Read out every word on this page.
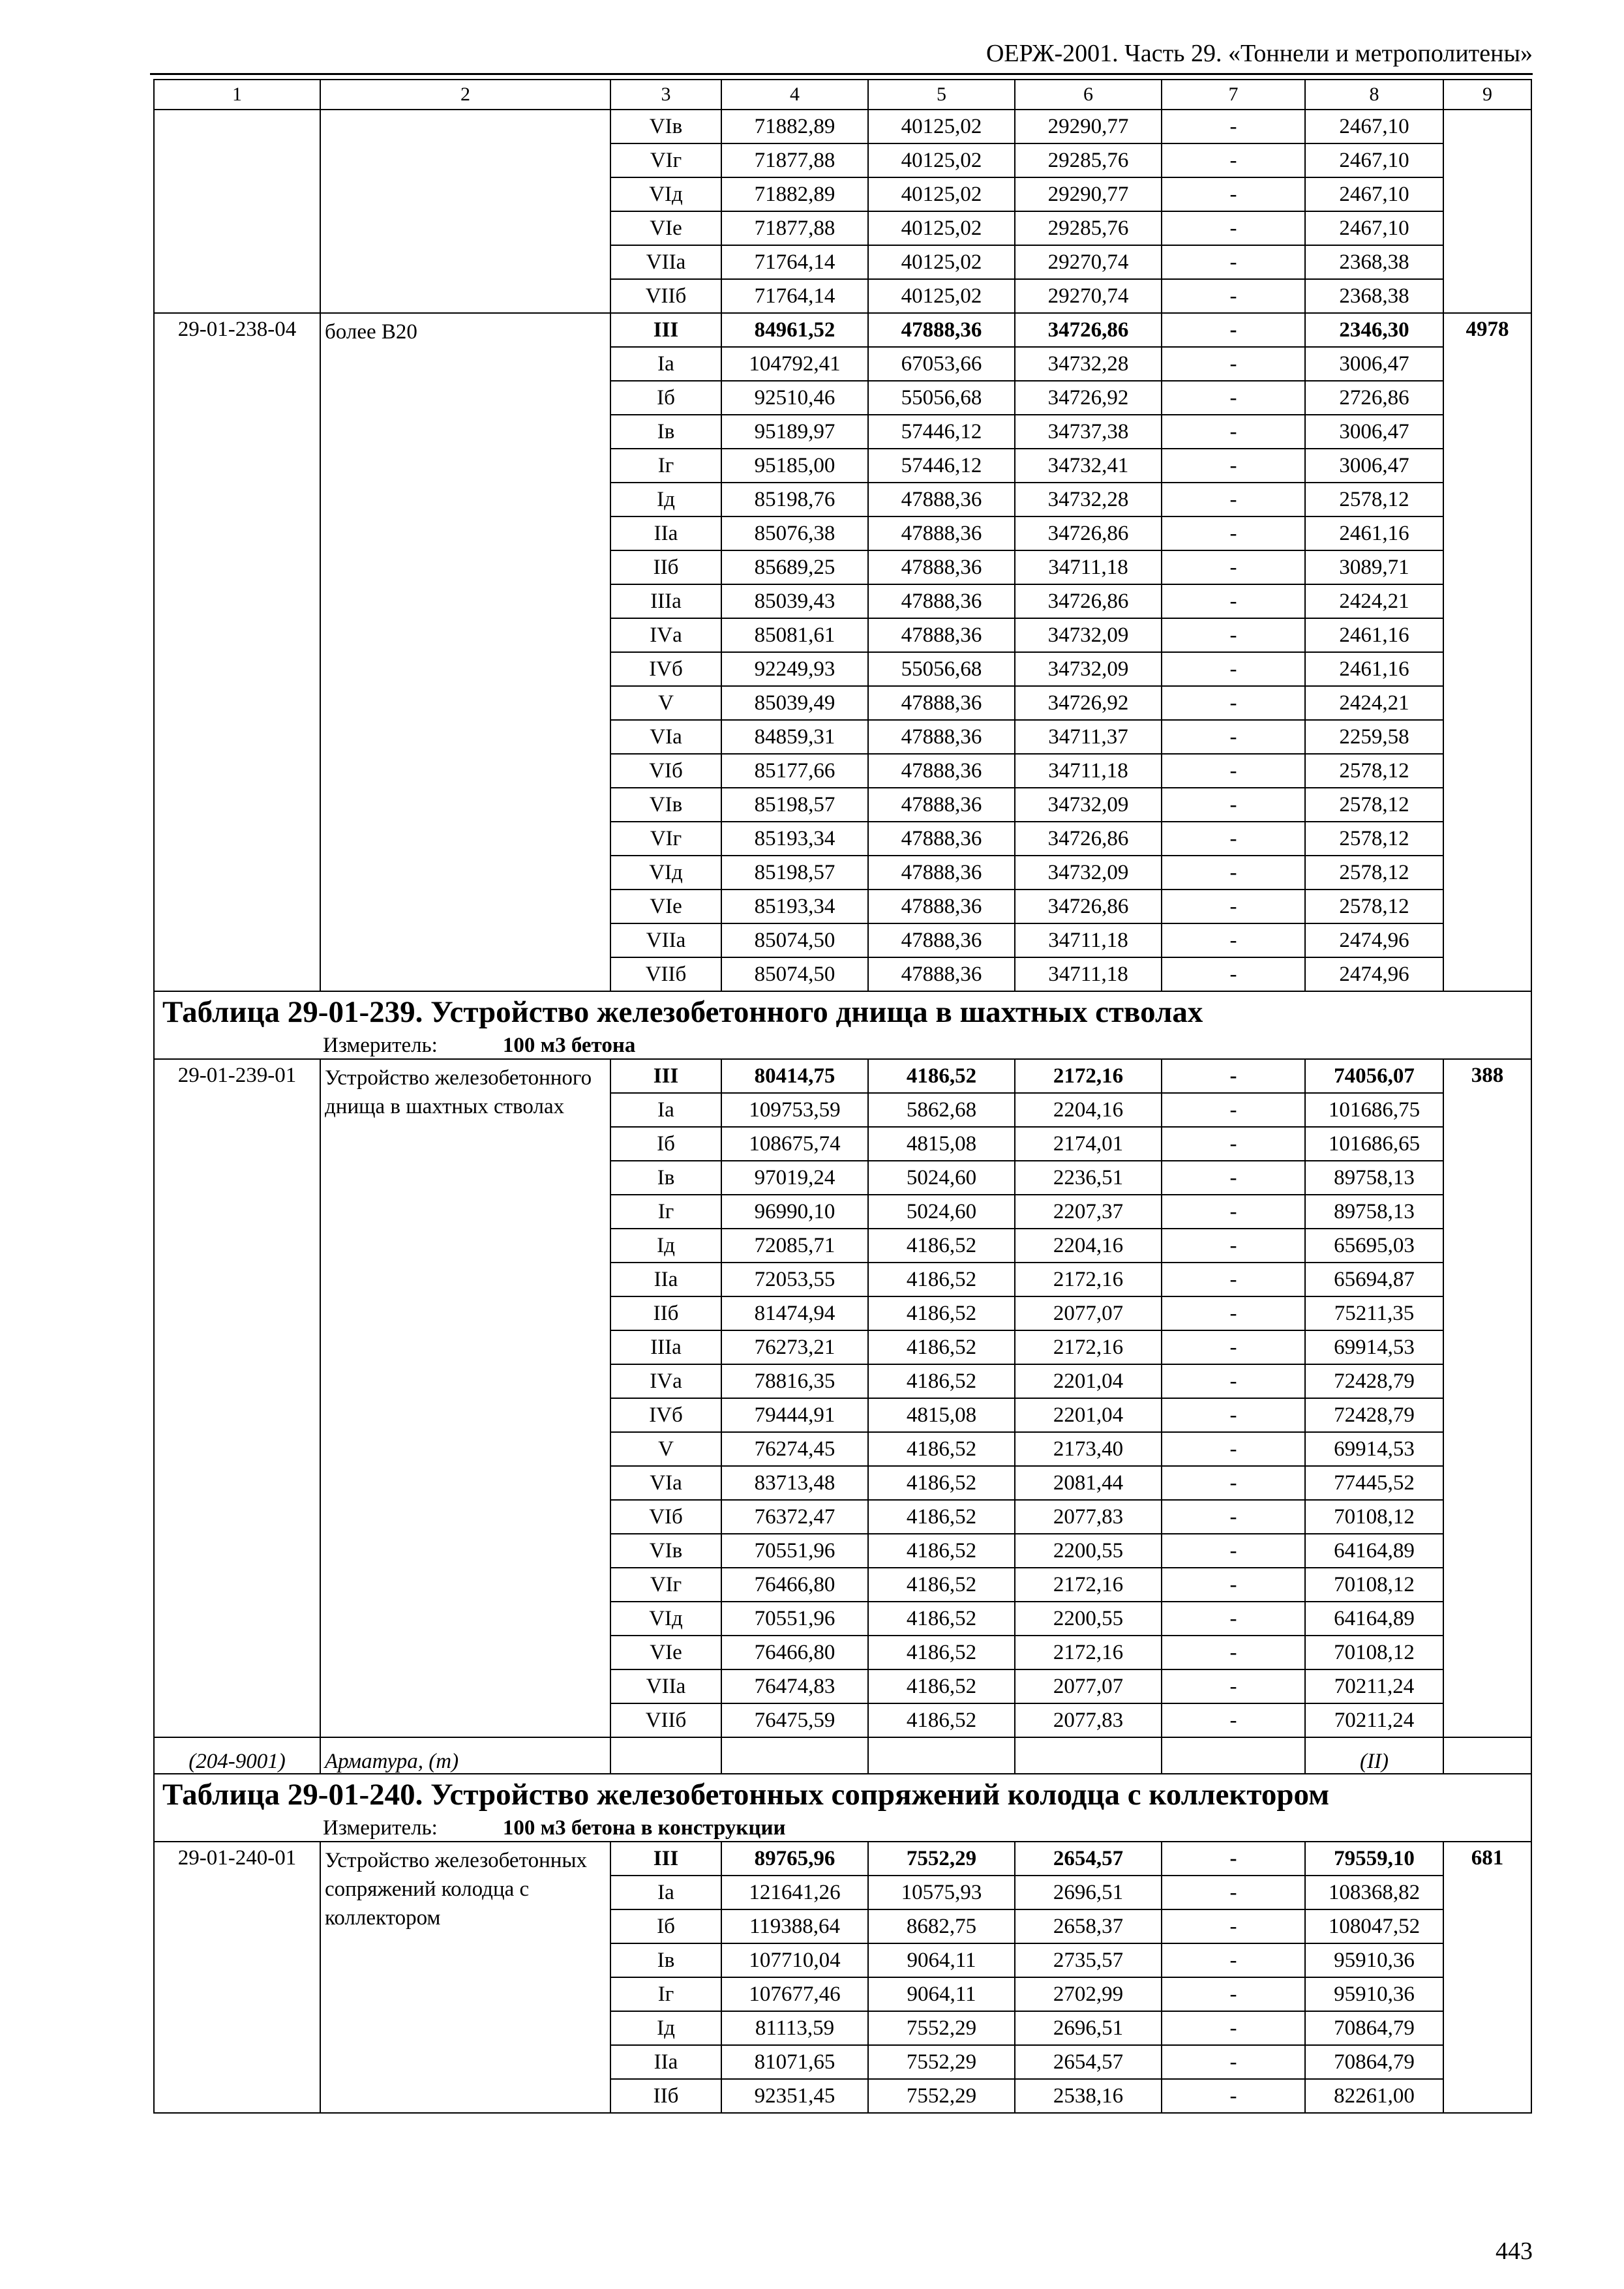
ОЕРЖ-2001. Часть 29. «Тоннели и метрополитены»
1	2	3	4	5	6	7	8	9
		VIв	71882,89	40125,02	29290,77	-	2467,10	
		VIг	71877,88	40125,02	29285,76	-	2467,10	
		VIд	71882,89	40125,02	29290,77	-	2467,10	
		VIе	71877,88	40125,02	29285,76	-	2467,10	
		VIIа	71764,14	40125,02	29270,74	-	2368,38	
		VIIб	71764,14	40125,02	29270,74	-	2368,38	
29-01-238-04	более В20	III	84961,52	47888,36	34726,86	-	2346,30	4978
		Iа	104792,41	67053,66	34732,28	-	3006,47	
		Iб	92510,46	55056,68	34726,92	-	2726,86	
		Iв	95189,97	57446,12	34737,38	-	3006,47	
		Iг	95185,00	57446,12	34732,41	-	3006,47	
		Iд	85198,76	47888,36	34732,28	-	2578,12	
		IIа	85076,38	47888,36	34726,86	-	2461,16	
		IIб	85689,25	47888,36	34711,18	-	3089,71	
		IIIа	85039,43	47888,36	34726,86	-	2424,21	
		IVа	85081,61	47888,36	34732,09	-	2461,16	
		IVб	92249,93	55056,68	34732,09	-	2461,16	
		V	85039,49	47888,36	34726,92	-	2424,21	
		VIа	84859,31	47888,36	34711,37	-	2259,58	
		VIб	85177,66	47888,36	34711,18	-	2578,12	
		VIв	85198,57	47888,36	34732,09	-	2578,12	
		VIг	85193,34	47888,36	34726,86	-	2578,12	
		VIд	85198,57	47888,36	34732,09	-	2578,12	
		VIе	85193,34	47888,36	34726,86	-	2578,12	
		VIIа	85074,50	47888,36	34711,18	-	2474,96	
		VIIб	85074,50	47888,36	34711,18	-	2474,96	
Таблица 29-01-239. Устройство железобетонного днища в шахтных стволах								
Измеритель: 100 м3 бетона								
29-01-239-01	Устройство железобетонного днища в шахтных стволах	III	80414,75	4186,52	2172,16	-	74056,07	388
		Iа	109753,59	5862,68	2204,16	-	101686,75	
		Iб	108675,74	4815,08	2174,01	-	101686,65	
		Iв	97019,24	5024,60	2236,51	-	89758,13	
		Iг	96990,10	5024,60	2207,37	-	89758,13	
		Iд	72085,71	4186,52	2204,16	-	65695,03	
		IIа	72053,55	4186,52	2172,16	-	65694,87	
		IIб	81474,94	4186,52	2077,07	-	75211,35	
		IIIа	76273,21	4186,52	2172,16	-	69914,53	
		IVа	78816,35	4186,52	2201,04	-	72428,79	
		IVб	79444,91	4815,08	2201,04	-	72428,79	
		V	76274,45	4186,52	2173,40	-	69914,53	
		VIа	83713,48	4186,52	2081,44	-	77445,52	
		VIб	76372,47	4186,52	2077,83	-	70108,12	
		VIв	70551,96	4186,52	2200,55	-	64164,89	
		VIг	76466,80	4186,52	2172,16	-	70108,12	
		VIд	70551,96	4186,52	2200,55	-	64164,89	
		VIе	76466,80	4186,52	2172,16	-	70108,12	
		VIIа	76474,83	4186,52	2077,07	-	70211,24	
		VIIб	76475,59	4186,52	2077,83	-	70211,24	
(204-9001)	Арматура, (т)						(II)	
Таблица 29-01-240. Устройство железобетонных сопряжений колодца с коллектором								
Измеритель: 100 м3 бетона в конструкции								
29-01-240-01	Устройство железобетонных сопряжений колодца с коллектором	III	89765,96	7552,29	2654,57	-	79559,10	681
		Iа	121641,26	10575,93	2696,51	-	108368,82	
		Iб	119388,64	8682,75	2658,37	-	108047,52	
		Iв	107710,04	9064,11	2735,57	-	95910,36	
		Iг	107677,46	9064,11	2702,99	-	95910,36	
		Iд	81113,59	7552,29	2696,51	-	70864,79	
		IIа	81071,65	7552,29	2654,57	-	70864,79	
		IIб	92351,45	7552,29	2538,16	-	82261,00	
443
